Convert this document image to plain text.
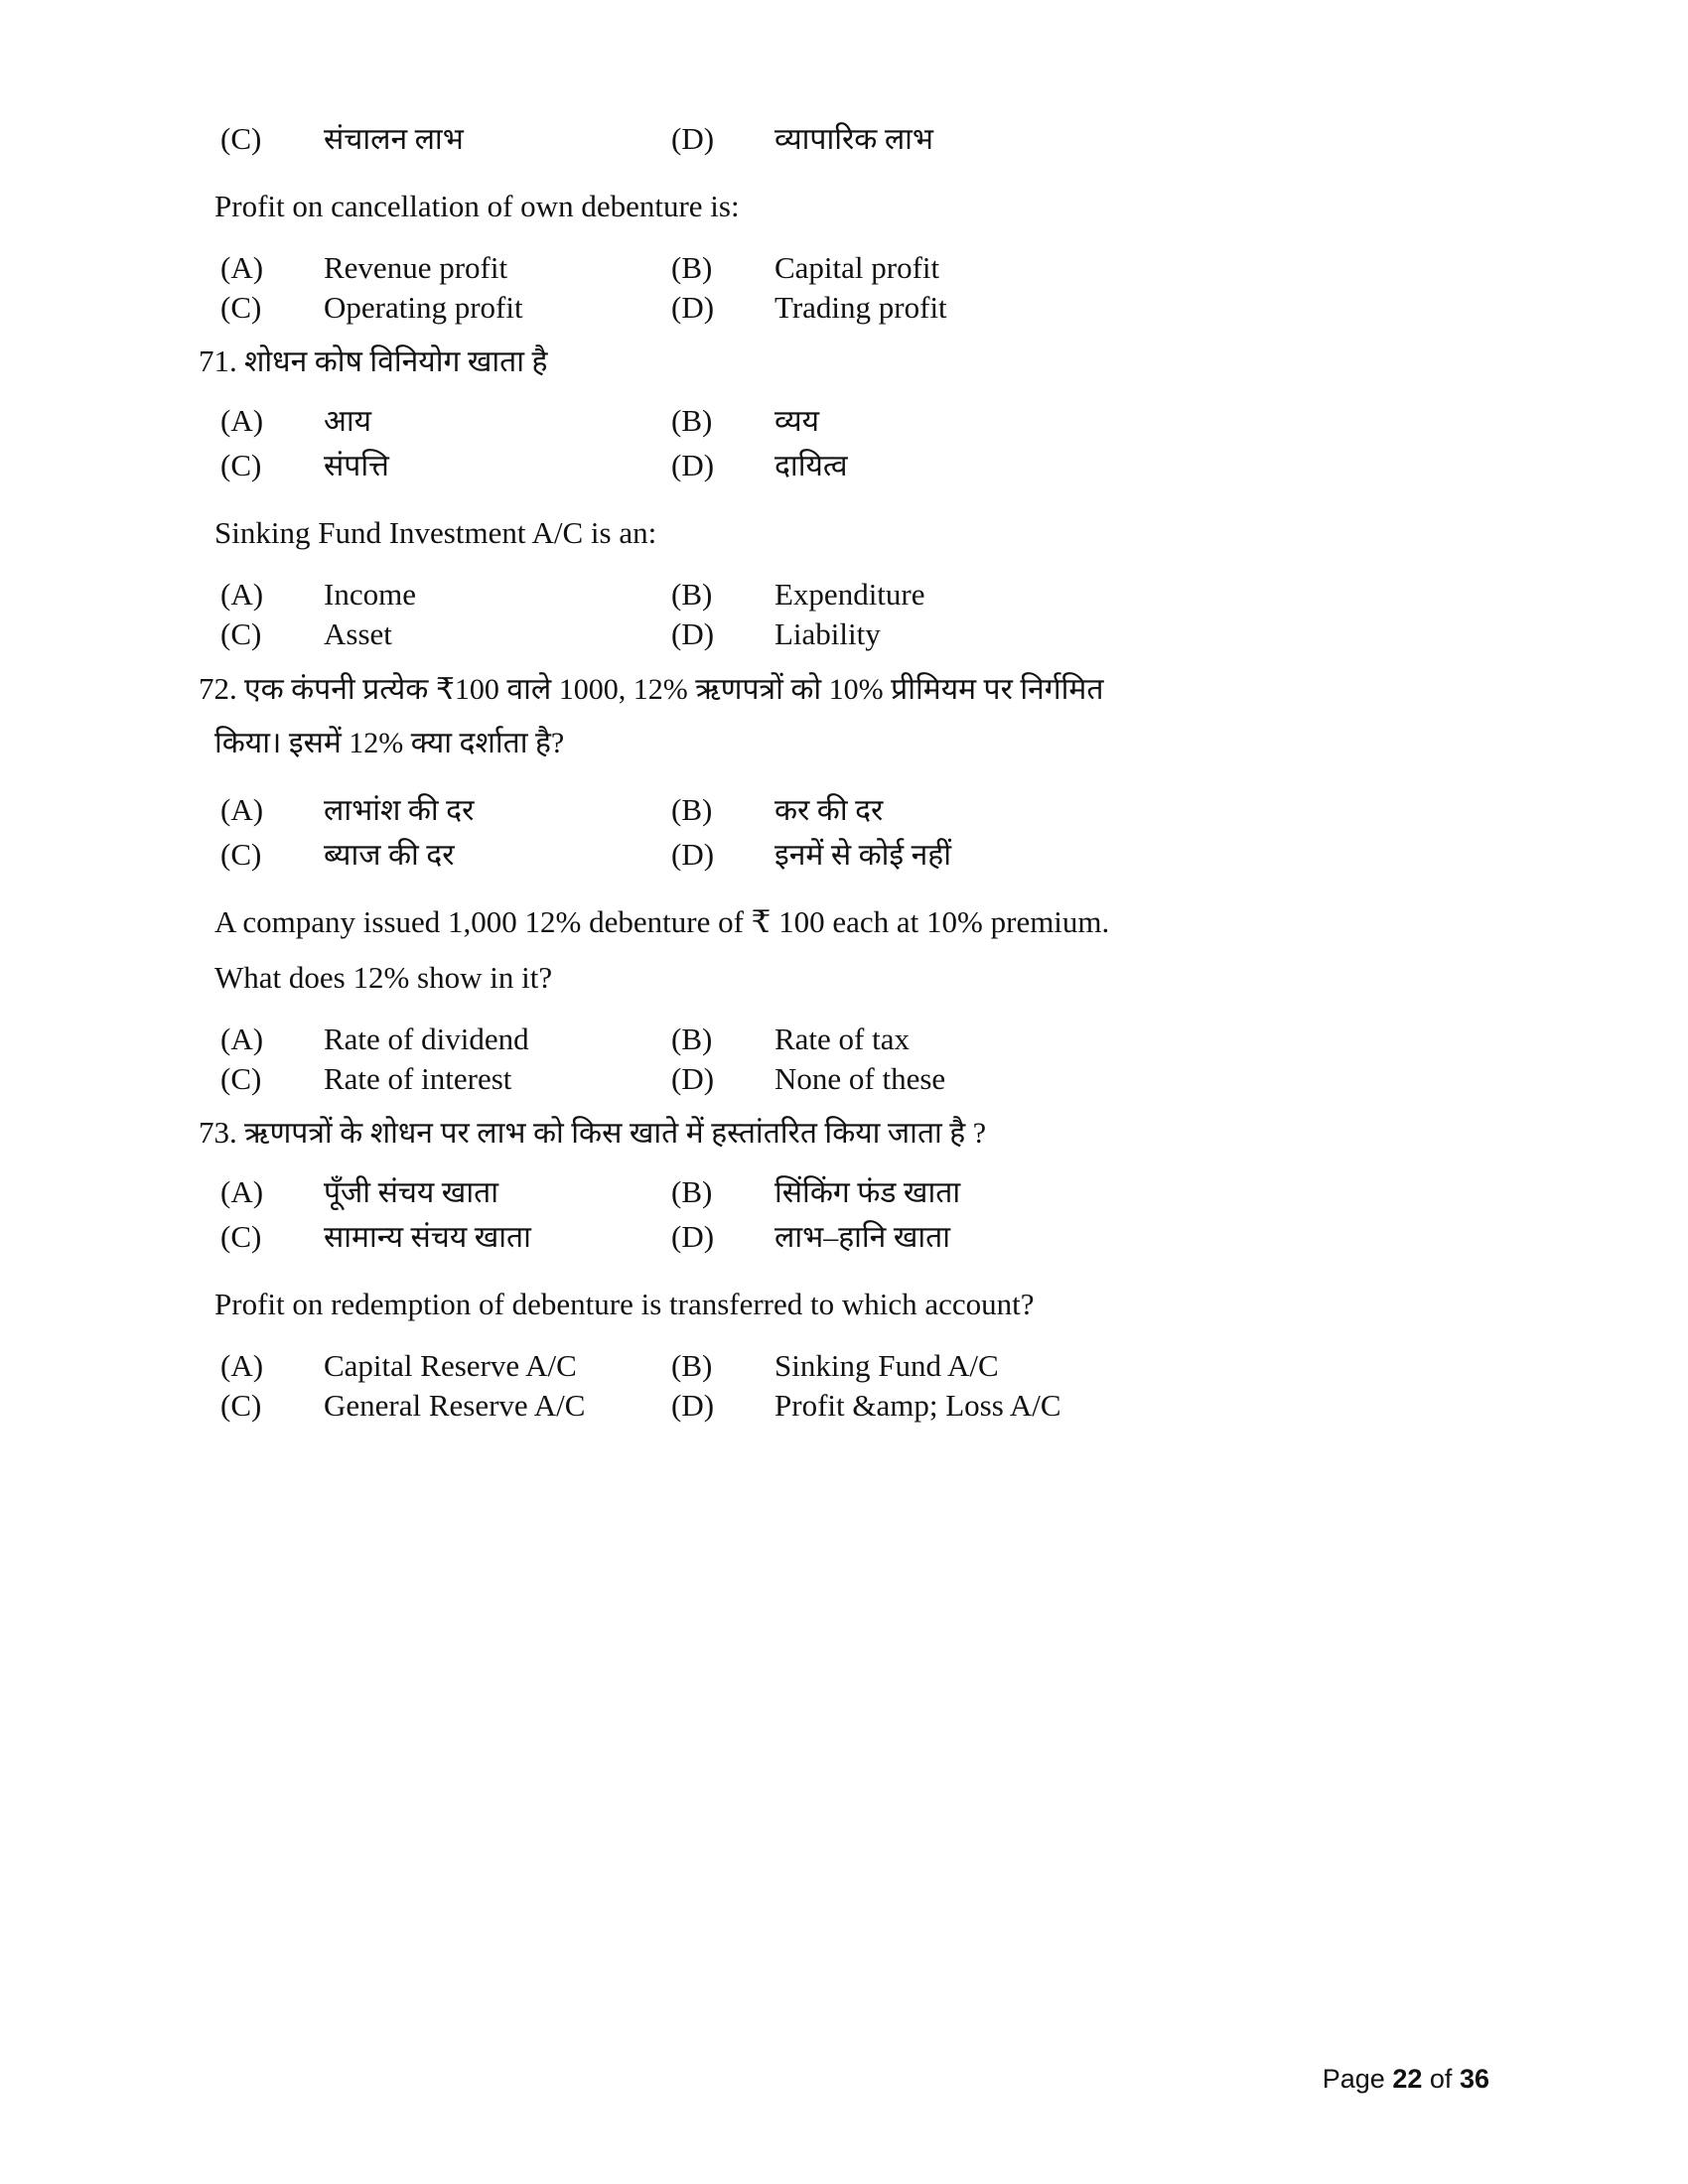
(C)	संचालन लाभ	(D)	व्यापारिक लाभ
Profit on cancellation of own debenture is:
(A)	Revenue profit	(B)	Capital profit
(C)	Operating profit	(D)	Trading profit
71. शोधन कोष विनियोग खाता है
(A)	आय	(B)	व्यय
(C)	संपत्ति	(D)	दायित्व
Sinking Fund Investment A/C is an:
(A)	Income	(B)	Expenditure
(C)	Asset	(D)	Liability
72. एक कंपनी प्रत्येक ₹100 वाले 1000, 12% ऋणपत्रों को 10% प्रीमियम पर निर्गमित
किया। इसमें 12% क्या दर्शाता है?
(A)	लाभांश की दर	(B)	कर की दर
(C)	ब्याज की दर	(D)	इनमें से कोई नहीं
A company issued 1,000 12% debenture of ₹ 100 each at 10% premium.
What does 12% show in it?
(A)	Rate of dividend	(B)	Rate of tax
(C)	Rate of interest	(D)	None of these
73. ऋणपत्रों के शोधन पर लाभ को किस खाते में हस्तांतरित किया जाता है ?
(A)	पूँजी संचय खाता	(B)	सिंकिंग फंड खाता
(C)	सामान्य संचय खाता	(D)	लाभ–हानि खाता
Profit on redemption of debenture is transferred to which account?
(A)	Capital Reserve A/C	(B)	Sinking Fund A/C
(C)	General Reserve A/C	(D)	Profit &amp; Loss A/C
Page 22 of 36
